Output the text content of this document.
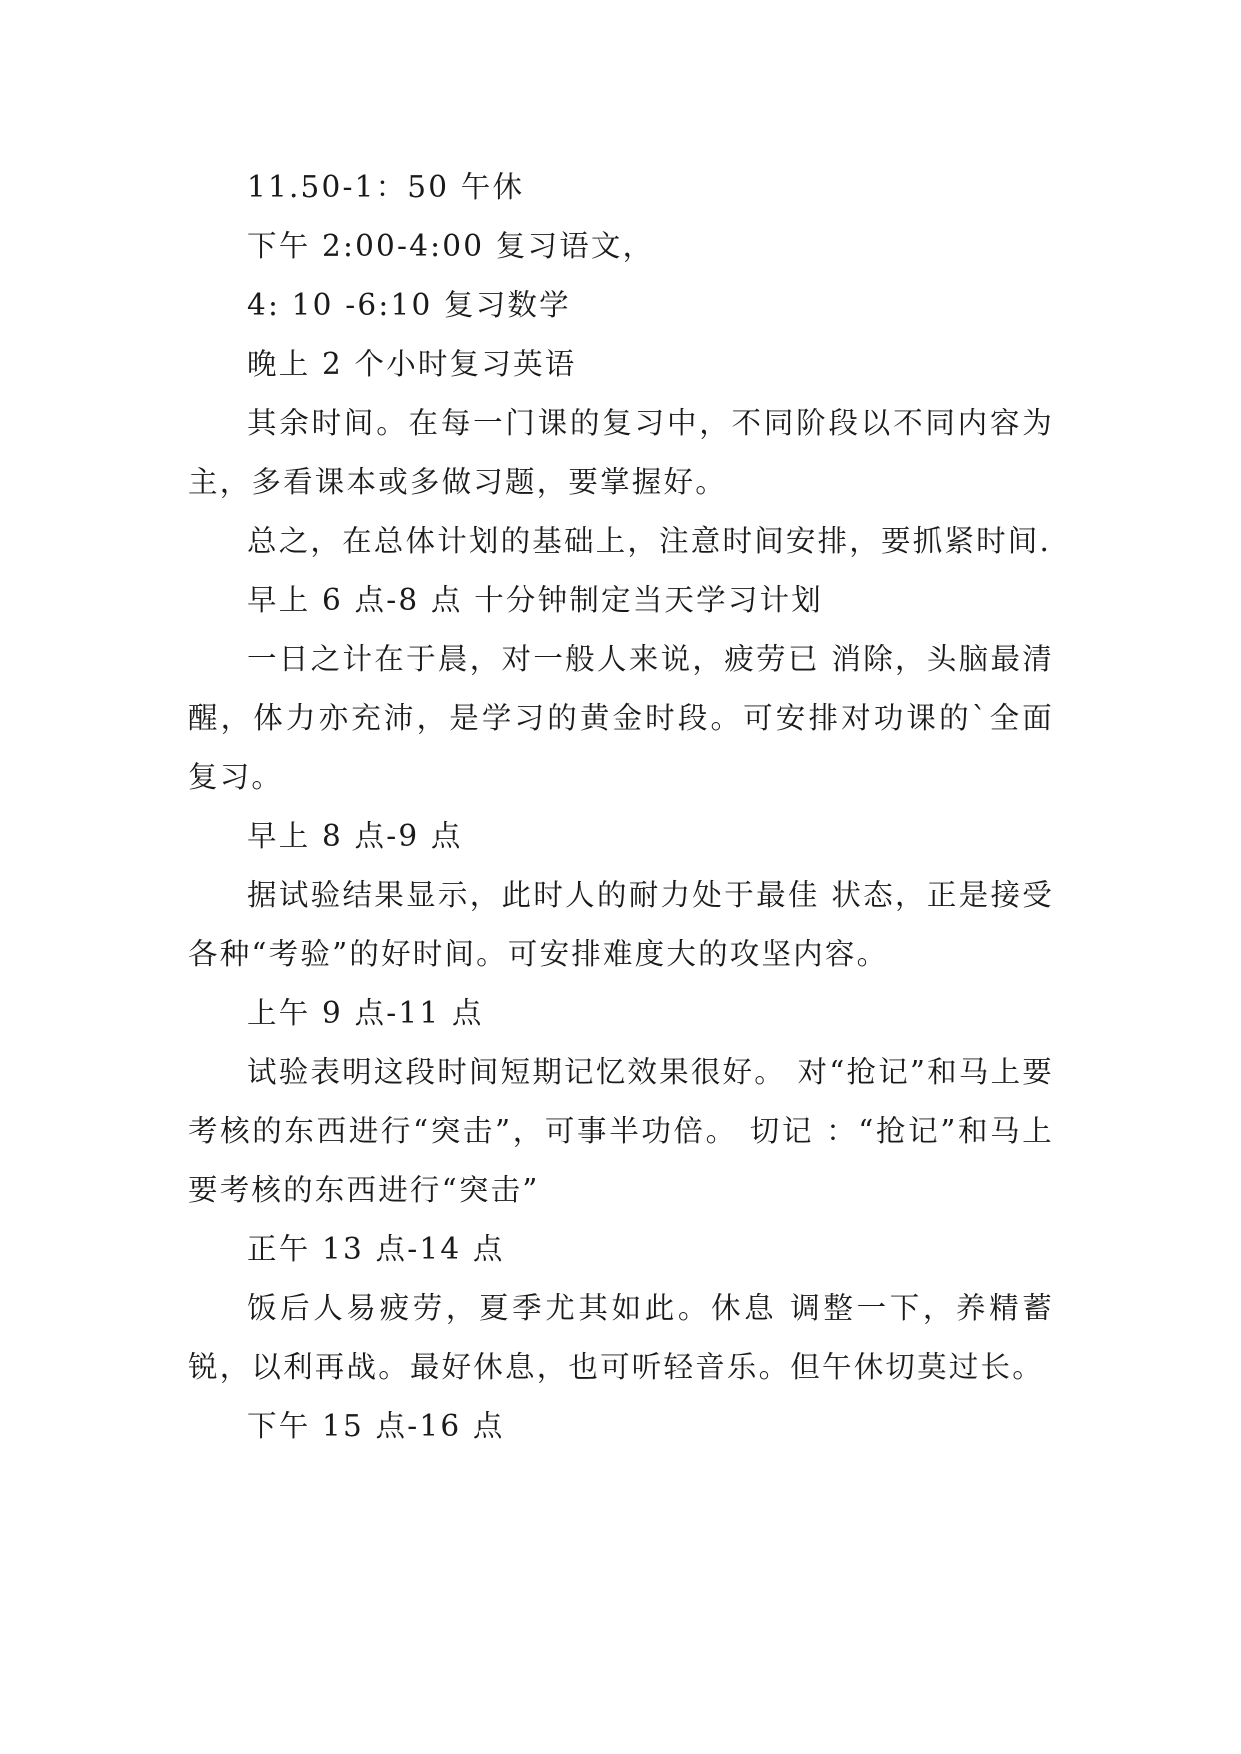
11.50-1：50 午休

下午 2:00-4:00 复习语文，

4: 10 -6:10 复习数学

晚上 2 个小时复习英语

其余时间。在每一门课的复习中，不同阶段以不同内容为主，多看课本或多做习题，要掌握好。

总之，在总体计划的基础上，注意时间安排，要抓紧时间.

早上 6 点-8 点 十分钟制定当天学习计划

一日之计在于晨，对一般人来说，疲劳已 消除，头脑最清醒，体力亦充沛，是学习的黄金时段。可安排对功课的`全面复习。

早上 8 点-9 点

据试验结果显示，此时人的耐力处于最佳 状态，正是接受各种“考验”的好时间。可安排难度大的攻坚内容。

上午 9 点-11 点

试验表明这段时间短期记忆效果很好。 对“抢记”和马上要考核的东西进行“突击”，可事半功倍。 切记 ：“抢记”和马上要考核的东西进行“突击”

正午 13 点-14 点

饭后人易疲劳，夏季尤其如此。休息 调整一下，养精蓄锐，以利再战。最好休息，也可听轻音乐。但午休切莫过长。

下午 15 点-16 点
